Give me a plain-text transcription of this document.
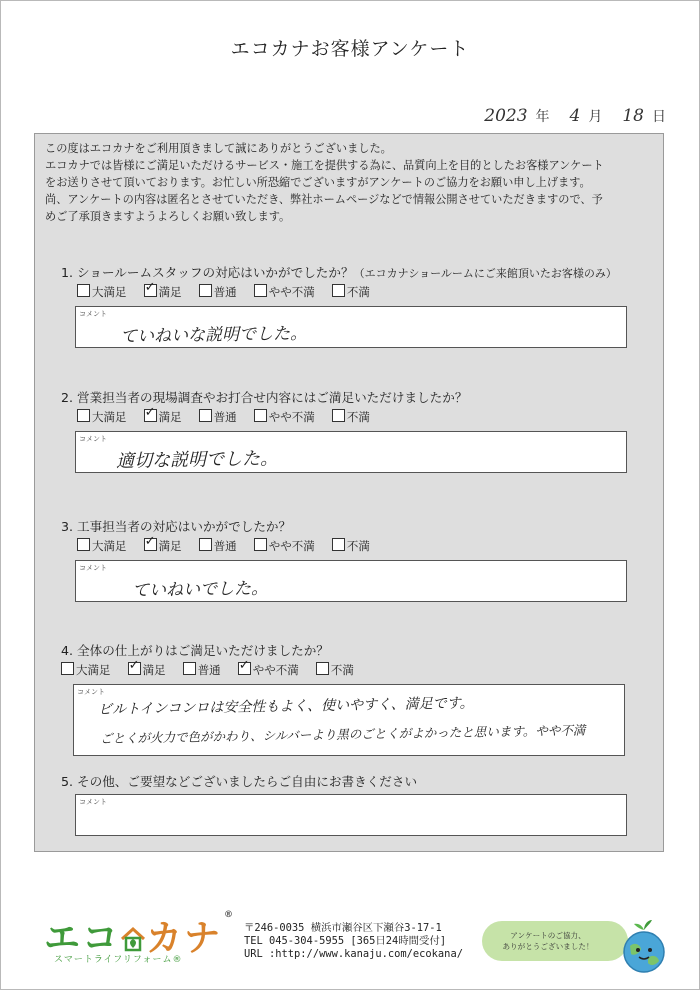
エコカナお客様アンケート
2023 年 4 月 18 日

この度はエコカナをご利用頂きまして誠にありがとうございました。

エコカナでは皆様にご満足いただけるサービス・施工を提供する為に、品質向上を目的としたお客様アンケート

をお送りさせて頂いております。お忙しい所恐縮でございますがアンケートのご協力をお願い申し上げます。

尚、アンケートの内容は匿名とさせていただき、弊社ホームページなどで情報公開させていただきますので、予

めご了承頂きますようよろしくお願い致します。

1. ショールームスタッフの対応はいかがでしたか？（エコカナショールームにご来館頂いたお客様のみ）
大満足 ✓ 満足	普通	やや不満	不満
コメント
ていねいな説明でした。
2. 営業担当者の現場調査やお打合せ内容にはご満足いただけましたか？
大満足 ✓ 満足	普通	やや不満	不満
コメント
適切な説明でした。
3. 工事担当者の対応はいかがでしたか？
大満足 ✓ 満足	普通	やや不満	不満
コメント
ていねいでした。
4. 全体の仕上がりはご満足いただけましたか？
大満足 ✓ 満足	普通 ✓ やや不満	不満
コメント
ビルトインコンロは安全性もよく、使いやすく、満足です。
ごとくが火力で色がかわり、シルバーより黒のごとくがよかったと思います。やや不満
5. その他、ご要望などございましたらご自由にお書きください
コメント
エコ カナ®
スマートライフリフォーム®
〒246-0035 横浜市瀬谷区下瀬谷3-17-1
TEL 045-304-5955 [365日24時間受付]
URL :http://www.kanaju.com/ecokana/
アンケートのご協力、
ありがとうございました！
